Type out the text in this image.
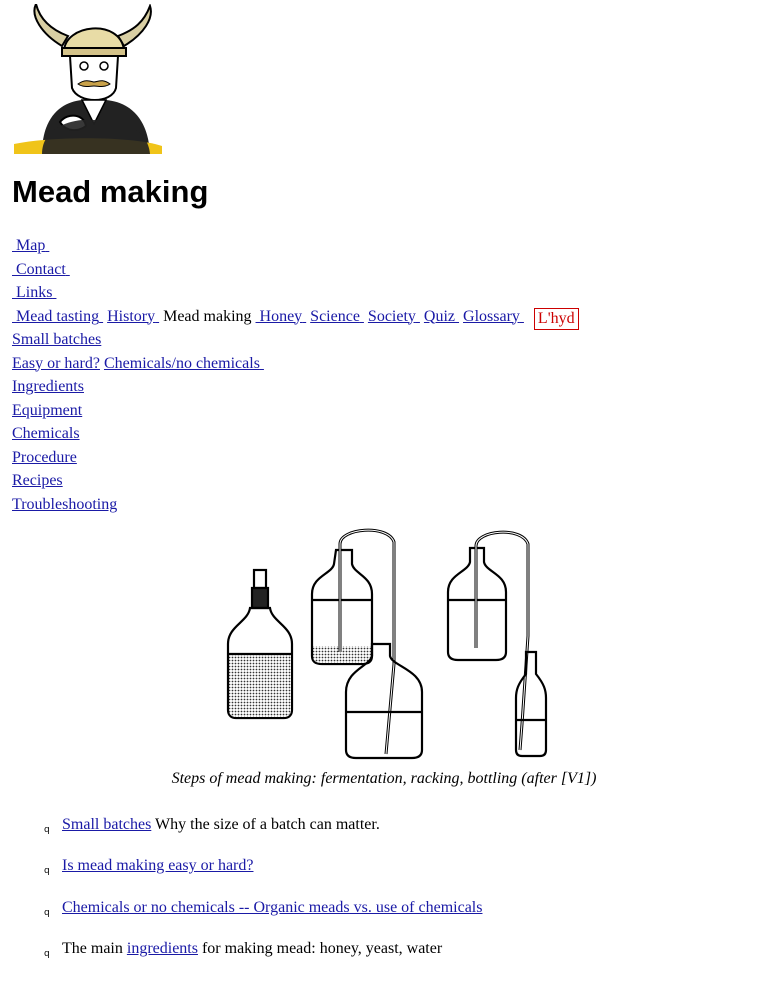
Mead making
Map
Contact
Links
Mead tasting History Mead making Honey Science Society Quiz Glossary L'hyd
Small batches
Easy or hard? Chemicals/no chemicals
Ingredients
Equipment
Chemicals
Procedure
Recipes
Troubleshooting
Steps of mead making: fermentation, racking, bottling (after [V1])
q Small batches Why the size of a batch can matter.
q Is mead making easy or hard?
q Chemicals or no chemicals -- Organic meads vs. use of chemicals
q The main ingredients for making mead: honey, yeast, water
